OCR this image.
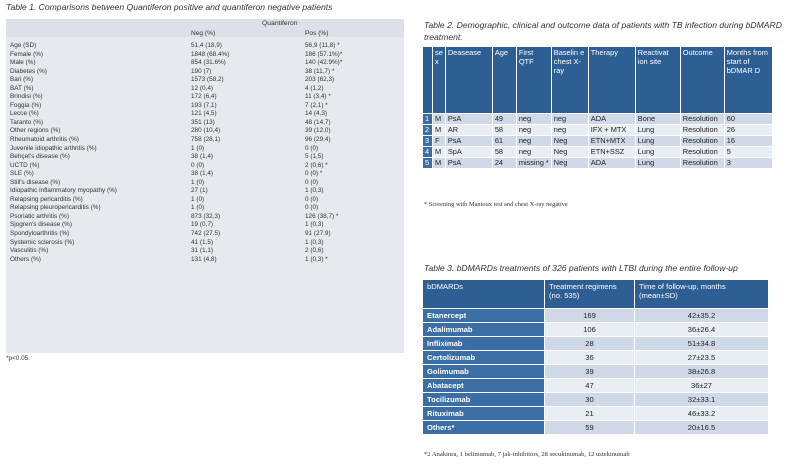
Table 1. Comparisons between Quantiferon positive and quantiferon negative patients
Quantiferon
Neg (%)	Pos (%)
Age (SD)	51,4 (18,9)	56,9 (11,8) *
Female (%)	1848 (68.4%)	186 (57.1%)*
Male (%)	854 (31.6%)	140 (42.9%)*
Diabetes (%)	190 (7)	38 (11,7) *
Bari (%)	1573 (58,2)	203 (62,3)
BAT (%)	12 (0,4)	4 (1,2)
Brindisi (%)	172 (6,4)	11 (3,4) *
Foggia (%)	193 (7,1)	7 (2,1) *
Lecce (%)	121 (4,5)	14 (4,3)
Taranto (%)	351 (13)	48 (14,7)
Other regions (%)	280 (10,4)	39 (12,0)
Rheumatoid arthritis (%)	758 (28,1)	96 (29,4)
Juvenile idiopathic arthritis (%)	1 (0)	0 (0)
Behçet's disease (%)	38 (1,4)	5 (1,5)
UCTD (%)	0 (0)	2 (0,6) *
SLE (%)	38 (1,4)	0 (0) *
Still's disease (%)	1 (0)	0 (0)
Idiopathic inflammatory myopathy (%)	27 (1)	1 (0,3)
Relapsing pericarditis (%)	1 (0)	0 (0)
Relapsing pleuropericarditis (%)	1 (0)	0 (0)
Psoriatic arthritis (%)	873 (32,3)	126 (38,7) *
Sjogren's disease (%)	19 (0,7)	1 (0,3)
Spondyloarthritis (%)	742 (27.5)	91 (27.9)
Systemic sclerosis (%)	41 (1,5)	1 (0,3)
Vasculitis (%)	31 (1,1)	2 (0,6)
Others (%)	131 (4,8)	1 (0,3) *
*p<0.05.
Table 2. Demographic, clinical and outcome data of patients with TB infection during bDMARD treatment.
	se x	Deasease	Age	First QTF	Baselin e chest X-ray	Therapy	Reactivat ion site	Outcome	Months from start of bDMAR D
1	M	PsA	49	neg	neg	ADA	Bone	Resolution	60
2	M	AR	58	neg	neg	IFX + MTX	Lung	Resolution	26
3	F	PsA	61	neg	Neg	ETN+MTX	Lung	Resolution	16
4	M	SpA	58	neg	Neg	ETN+SSZ	Lung	Resolution	5
5	M	PsA	24	missing *	Neg	ADA	Lung	Resolution	3
* Screening with Mantoux test and chest X-ray negative
Table 3. bDMARDs treatments of 326 patients with LTBI during the entire follow-up
bDMARDs	Treatment regimens (no. 535)	Time of follow-up, months (mean±SD)
Etanercept	169	42±35.2
Adalimumab	106	36±26.4
Infliximab	28	51±34.8
Certolizumab	36	27±23.5
Golimumab	39	38±26.8
Abatacept	47	36±27
Tocilizumab	30	32±33.1
Rituximab	21	46±33.2
Others*	59	20±16.5
*2 Anakinra, 1 belimumab, 7 jak-inhibitors, 28 secukinumab, 12 ustekinumab
